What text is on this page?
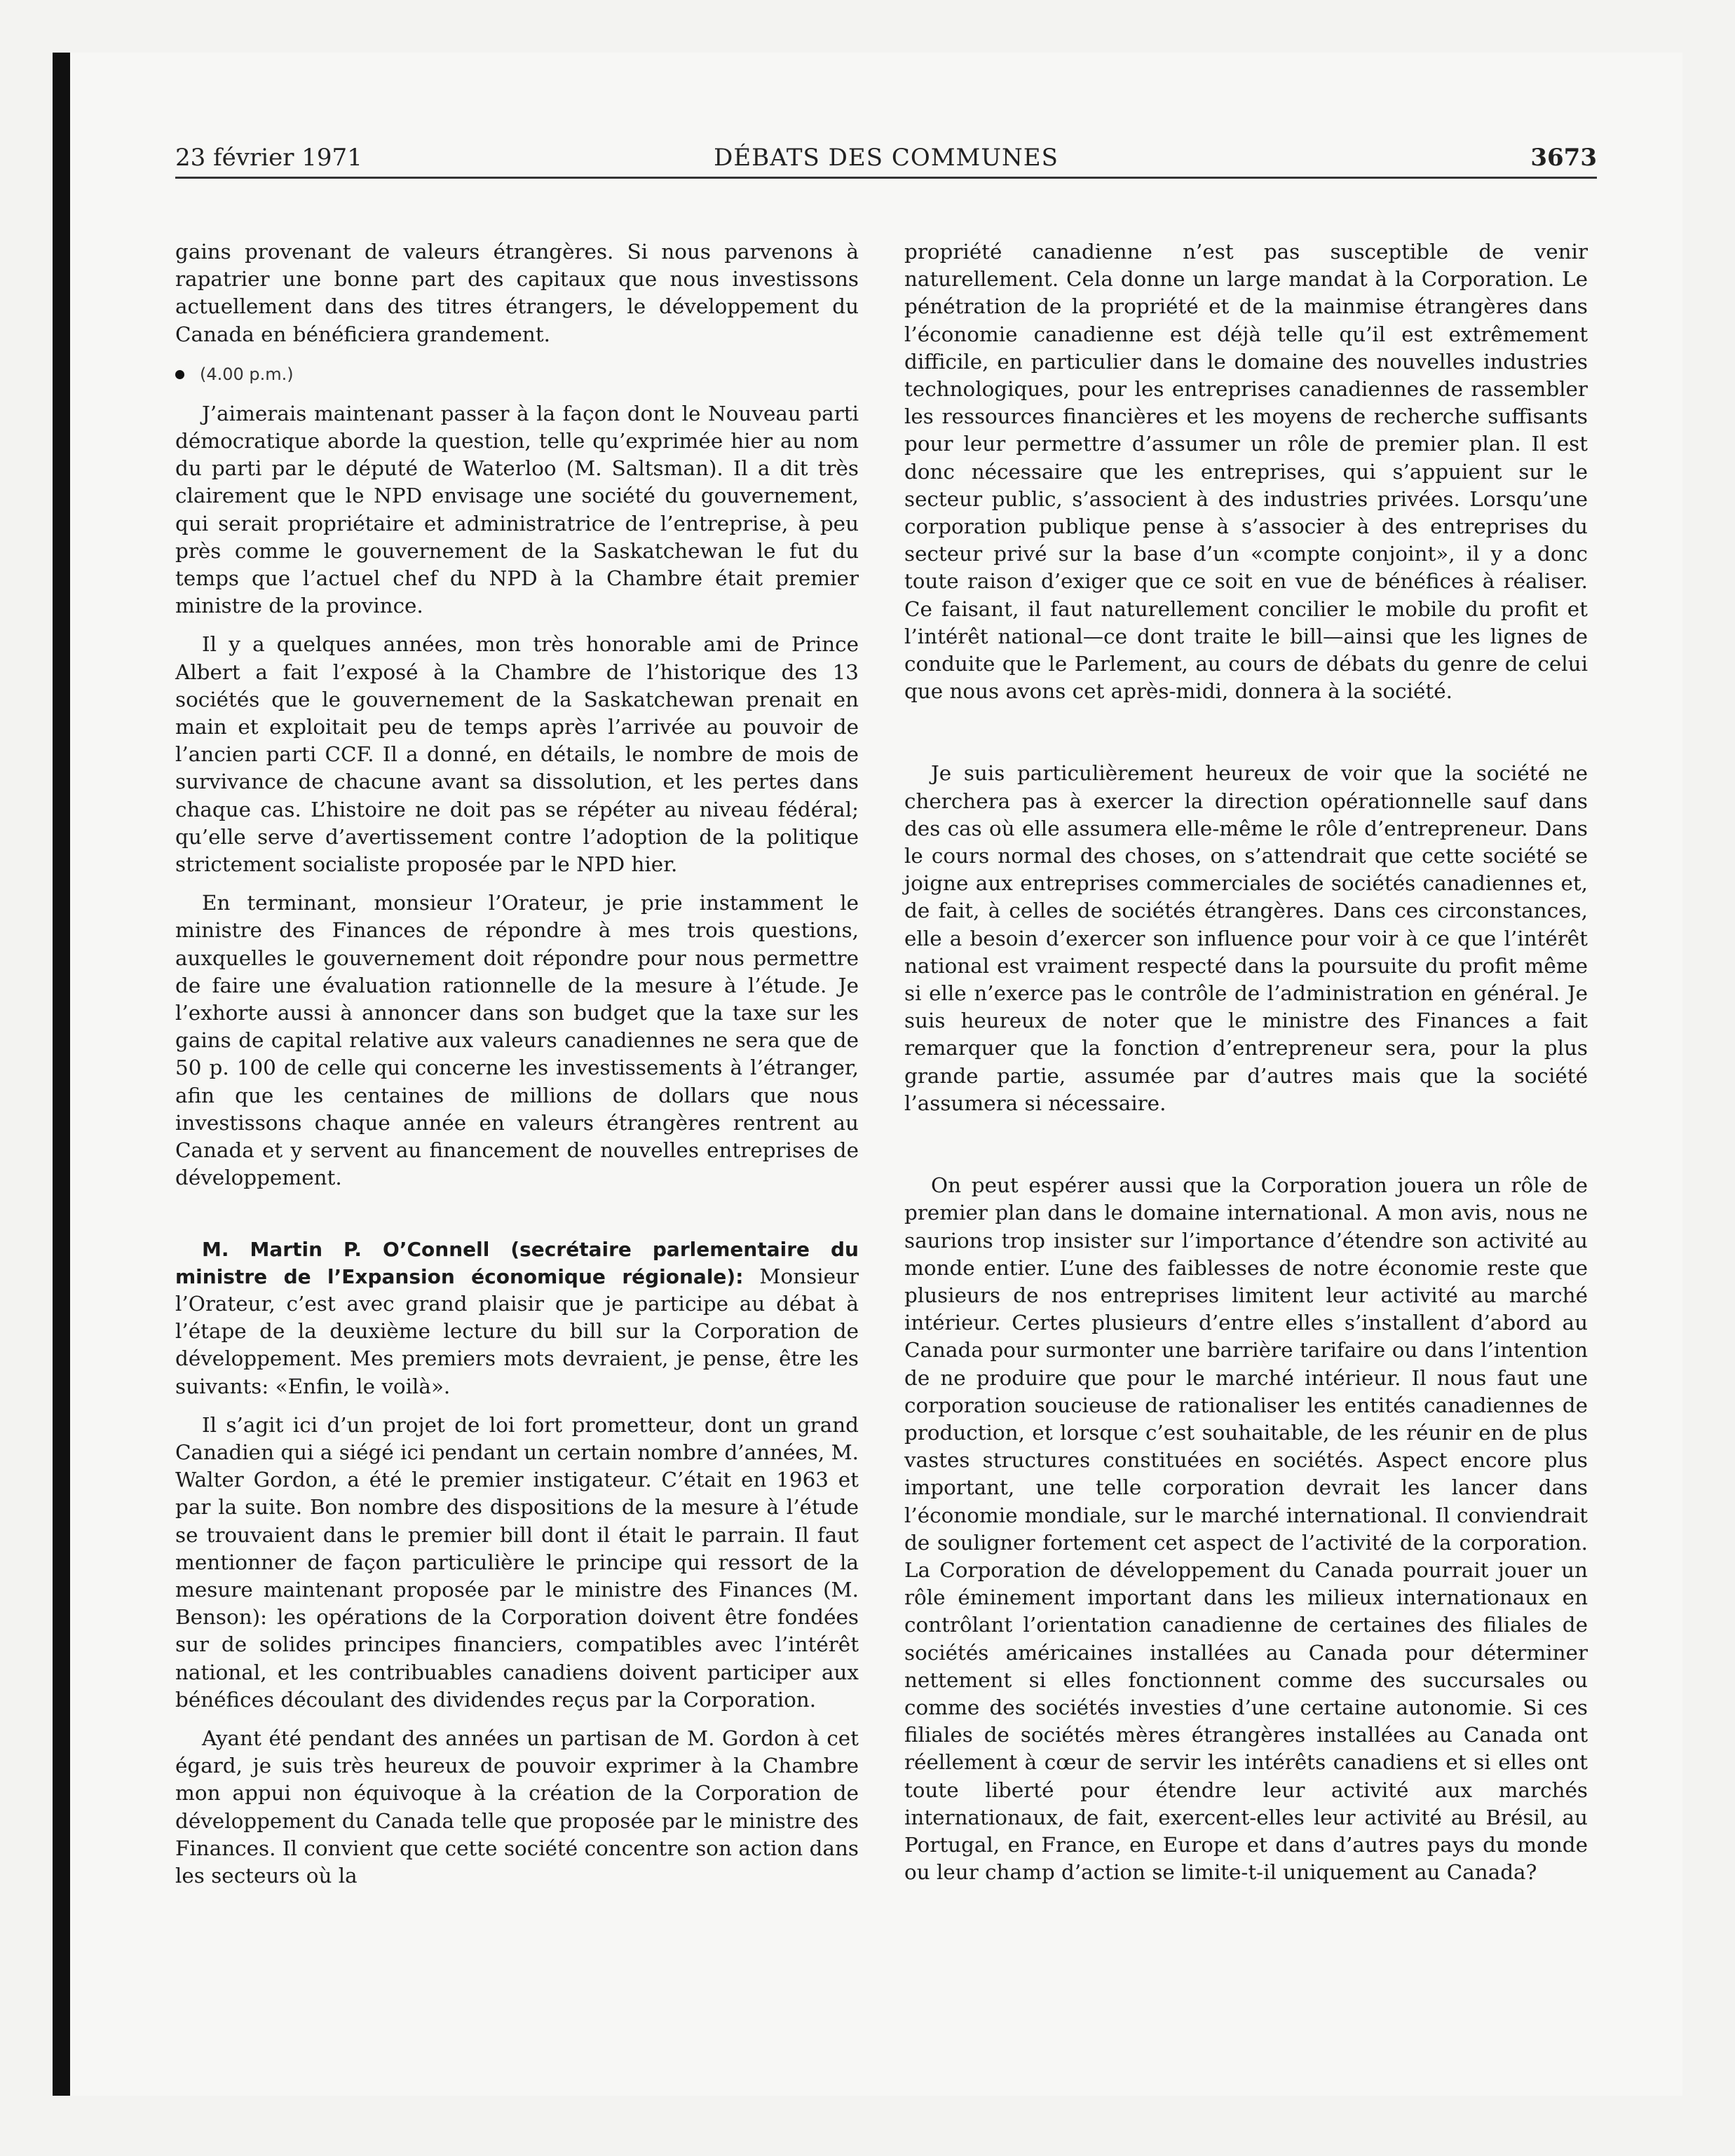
DÉBATS DES COMMUNES
23 février 1971	3673

gains provenant de valeurs étrangères. Si nous parvenons à rapatrier une bonne part des capitaux que nous investissons actuellement dans des titres étrangers, le développement du Canada en bénéficiera grandement.

(4.00 p.m.)

J’aimerais maintenant passer à la façon dont le Nouveau parti démocratique aborde la question, telle qu’exprimée hier au nom du parti par le député de Waterloo (M. Saltsman). Il a dit très clairement que le NPD envisage une société du gouvernement, qui serait propriétaire et administratrice de l’entreprise, à peu près comme le gouvernement de la Saskatchewan le fut du temps que l’actuel chef du NPD à la Chambre était premier ministre de la province.

Il y a quelques années, mon très honorable ami de Prince Albert a fait l’exposé à la Chambre de l’historique des 13 sociétés que le gouvernement de la Saskatchewan prenait en main et exploitait peu de temps après l’arrivée au pouvoir de l’ancien parti CCF. Il a donné, en détails, le nombre de mois de survivance de chacune avant sa dissolution, et les pertes dans chaque cas. L’histoire ne doit pas se répéter au niveau fédéral; qu’elle serve d’avertissement contre l’adoption de la politique strictement socialiste proposée par le NPD hier.

En terminant, monsieur l’Orateur, je prie instamment le ministre des Finances de répondre à mes trois questions, auxquelles le gouvernement doit répondre pour nous permettre de faire une évaluation rationnelle de la mesure à l’étude. Je l’exhorte aussi à annoncer dans son budget que la taxe sur les gains de capital relative aux valeurs canadiennes ne sera que de 50 p. 100 de celle qui concerne les investissements à l’étranger, afin que les centaines de millions de dollars que nous investissons chaque année en valeurs étrangères rentrent au Canada et y servent au financement de nouvelles entreprises de développement.

M. Martin P. O’Connell (secrétaire parlementaire du ministre de l’Expansion économique régionale): Monsieur l’Orateur, c’est avec grand plaisir que je participe au débat à l’étape de la deuxième lecture du bill sur la Corporation de développement. Mes premiers mots devraient, je pense, être les suivants: «Enfin, le voilà».

Il s’agit ici d’un projet de loi fort prometteur, dont un grand Canadien qui a siégé ici pendant un certain nombre d’années, M. Walter Gordon, a été le premier instigateur. C’était en 1963 et par la suite. Bon nombre des dispositions de la mesure à l’étude se trouvaient dans le premier bill dont il était le parrain. Il faut mentionner de façon particulière le principe qui ressort de la mesure maintenant proposée par le ministre des Finances (M. Benson): les opérations de la Corporation doivent être fondées sur de solides principes financiers, compatibles avec l’intérêt national, et les contribuables canadiens doivent participer aux bénéfices découlant des dividendes reçus par la Corporation.

Ayant été pendant des années un partisan de M. Gordon à cet égard, je suis très heureux de pouvoir exprimer à la Chambre mon appui non équivoque à la création de la Corporation de développement du Canada telle que proposée par le ministre des Finances. Il convient que cette société concentre son action dans les secteurs où la

propriété canadienne n’est pas susceptible de venir naturellement. Cela donne un large mandat à la Corporation. Le pénétration de la propriété et de la mainmise étrangères dans l’économie canadienne est déjà telle qu’il est extrêmement difficile, en particulier dans le domaine des nouvelles industries technologiques, pour les entreprises canadiennes de rassembler les ressources financières et les moyens de recherche suffisants pour leur permettre d’assumer un rôle de premier plan. Il est donc nécessaire que les entreprises, qui s’appuient sur le secteur public, s’associent à des industries privées. Lorsqu’une corporation publique pense à s’associer à des entreprises du secteur privé sur la base d’un «compte conjoint», il y a donc toute raison d’exiger que ce soit en vue de bénéfices à réaliser. Ce faisant, il faut naturellement concilier le mobile du profit et l’intérêt national—ce dont traite le bill—ainsi que les lignes de conduite que le Parlement, au cours de débats du genre de celui que nous avons cet après-midi, donnera à la société.

Je suis particulièrement heureux de voir que la société ne cherchera pas à exercer la direction opérationnelle sauf dans des cas où elle assumera elle-même le rôle d’entrepreneur. Dans le cours normal des choses, on s’attendrait que cette société se joigne aux entreprises commerciales de sociétés canadiennes et, de fait, à celles de sociétés étrangères. Dans ces circonstances, elle a besoin d’exercer son influence pour voir à ce que l’intérêt national est vraiment respecté dans la poursuite du profit même si elle n’exerce pas le contrôle de l’administration en général. Je suis heureux de noter que le ministre des Finances a fait remarquer que la fonction d’entrepreneur sera, pour la plus grande partie, assumée par d’autres mais que la société l’assumera si nécessaire.

On peut espérer aussi que la Corporation jouera un rôle de premier plan dans le domaine international. A mon avis, nous ne saurions trop insister sur l’importance d’étendre son activité au monde entier. L’une des faiblesses de notre économie reste que plusieurs de nos entreprises limitent leur activité au marché intérieur. Certes plusieurs d’entre elles s’installent d’abord au Canada pour surmonter une barrière tarifaire ou dans l’intention de ne produire que pour le marché intérieur. Il nous faut une corporation soucieuse de rationaliser les entités canadiennes de production, et lorsque c’est souhaitable, de les réunir en de plus vastes structures constituées en sociétés. Aspect encore plus important, une telle corporation devrait les lancer dans l’économie mondiale, sur le marché international. Il conviendrait de souligner fortement cet aspect de l’activité de la corporation. La Corporation de développement du Canada pourrait jouer un rôle éminement important dans les milieux internationaux en contrôlant l’orientation canadienne de certaines des filiales de sociétés américaines installées au Canada pour déterminer nettement si elles fonctionnent comme des succursales ou comme des sociétés investies d’une certaine autonomie. Si ces filiales de sociétés mères étrangères installées au Canada ont réellement à cœur de servir les intérêts canadiens et si elles ont toute liberté pour étendre leur activité aux marchés internationaux, de fait, exercent-elles leur activité au Brésil, au Portugal, en France, en Europe et dans d’autres pays du monde ou leur champ d’action se limite-t-il uniquement au Canada?
